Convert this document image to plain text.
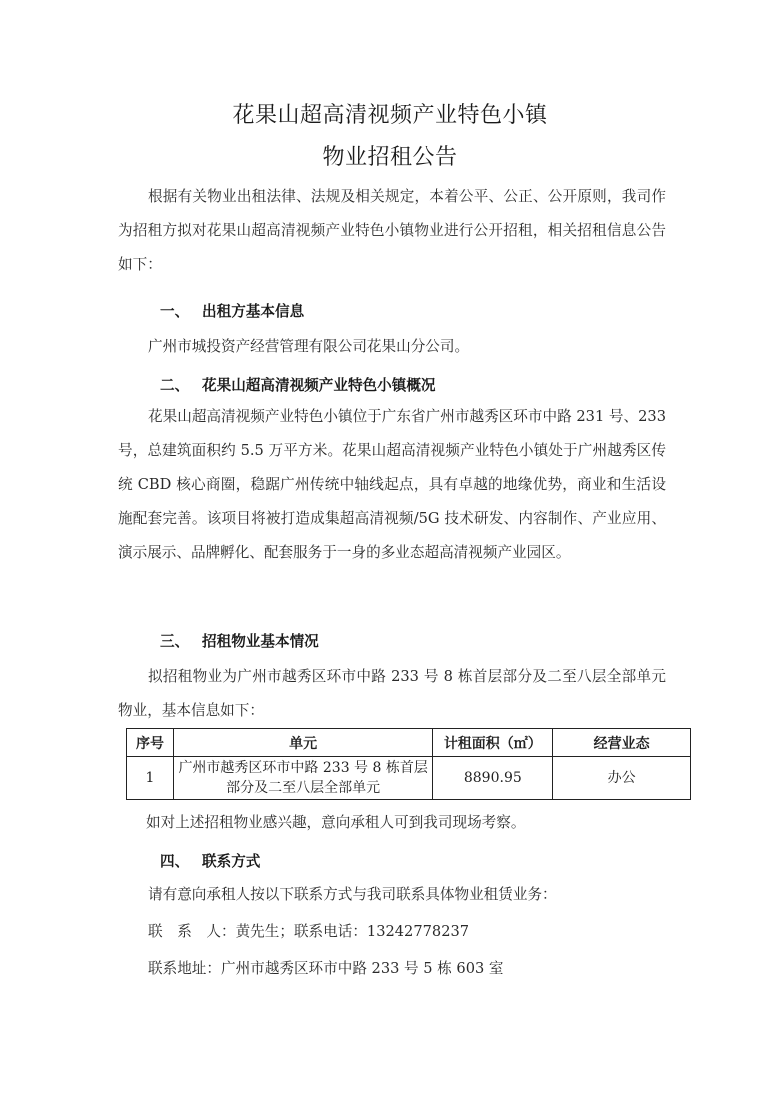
花果山超高清视频产业特色小镇
物业招租公告
根据有关物业出租法律、法规及相关规定，本着公平、公正、公开原则，我司作为招租方拟对花果山超高清视频产业特色小镇物业进行公开招租，相关招租信息公告如下：
一、 出租方基本信息
广州市城投资产经营管理有限公司花果山分公司。
二、 花果山超高清视频产业特色小镇概况
花果山超高清视频产业特色小镇位于广东省广州市越秀区环市中路 231 号、233 号，总建筑面积约 5.5 万平方米。花果山超高清视频产业特色小镇处于广州越秀区传统 CBD 核心商圈，稳踞广州传统中轴线起点，具有卓越的地缘优势，商业和生活设施配套完善。该项目将被打造成集超高清视频/5G 技术研发、内容制作、产业应用、演示展示、品牌孵化、配套服务于一身的多业态超高清视频产业园区。
三、 招租物业基本情况
拟招租物业为广州市越秀区环市中路 233 号 8 栋首层部分及二至八层全部单元物业，基本信息如下：
序号	单元	计租面积（㎡）	经营业态
1	广州市越秀区环市中路 233 号 8 栋首层部分及二至八层全部单元	8890.95	办公
如对上述招租物业感兴趣，意向承租人可到我司现场考察。
四、 联系方式
请有意向承租人按以下联系方式与我司联系具体物业租赁业务：
联　系　人：黄先生；联系电话：13242778237
联系地址：广州市越秀区环市中路 233 号 5 栋 603 室
